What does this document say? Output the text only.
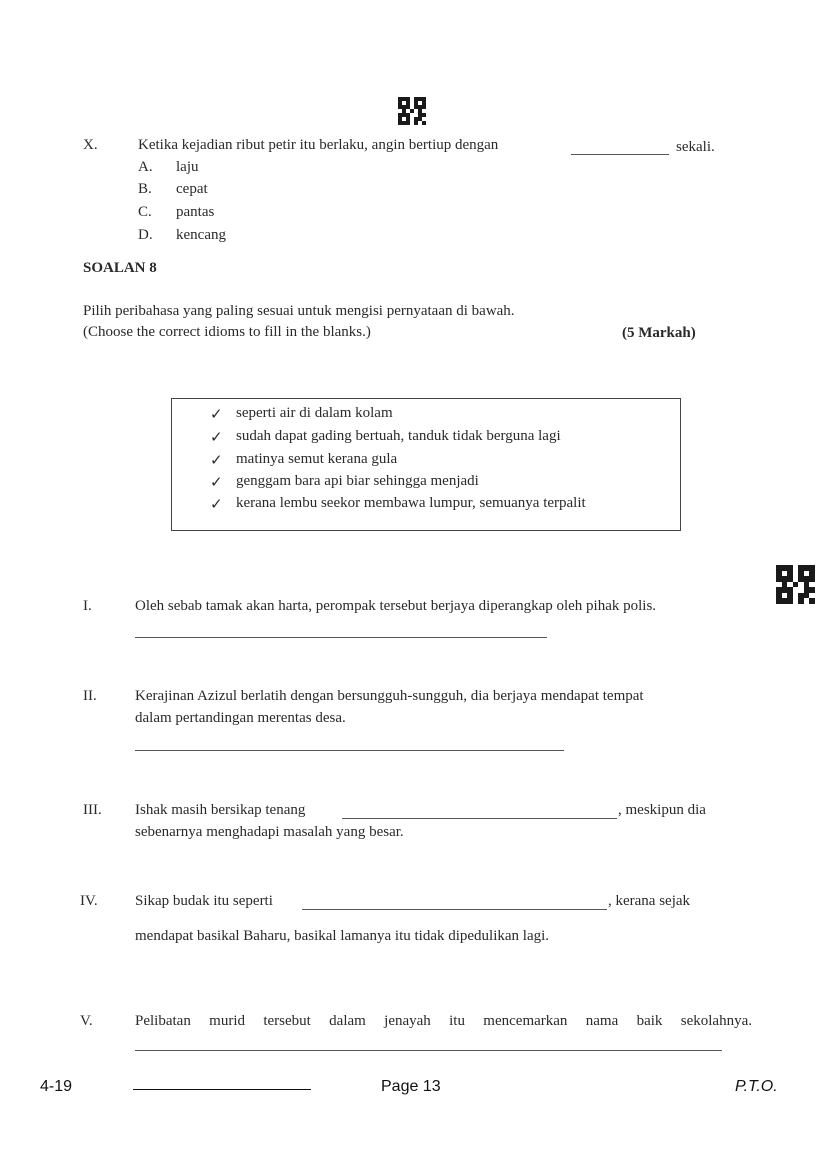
X.	Ketika kejadian ribut petir itu berlaku, angin bertiup dengan	sekali.
A. laju
B. cepat
C. pantas
D. kencang
SOALAN 8
Pilih peribahasa yang paling sesuai untuk mengisi pernyataan di bawah.
(Choose the correct idioms to fill in the blanks.)	(5 Markah)
✓ seperti air di dalam kolam
✓ sudah dapat gading bertuah, tanduk tidak berguna lagi
✓ matinya semut kerana gula
✓ genggam bara api biar sehingga menjadi
✓ kerana lembu seekor membawa lumpur, semuanya terpalit
I.	Oleh sebab tamak akan harta, perompak tersebut berjaya diperangkap oleh pihak polis.
II.	Kerajinan Azizul berlatih dengan bersungguh-sungguh, dia berjaya mendapat tempat
dalam pertandingan merentas desa.
III. Ishak masih bersikap tenang	, meskipun dia
sebenarnya menghadapi masalah yang besar.
IV. Sikap budak itu seperti	, kerana sejak
mendapat basikal Baharu, basikal lamanya itu tidak dipedulikan lagi.
V.	Pelibatan murid tersebut dalam jenayah itu mencemarkan nama baik sekolahnya.
4-19	Page 13	P.T.O.
